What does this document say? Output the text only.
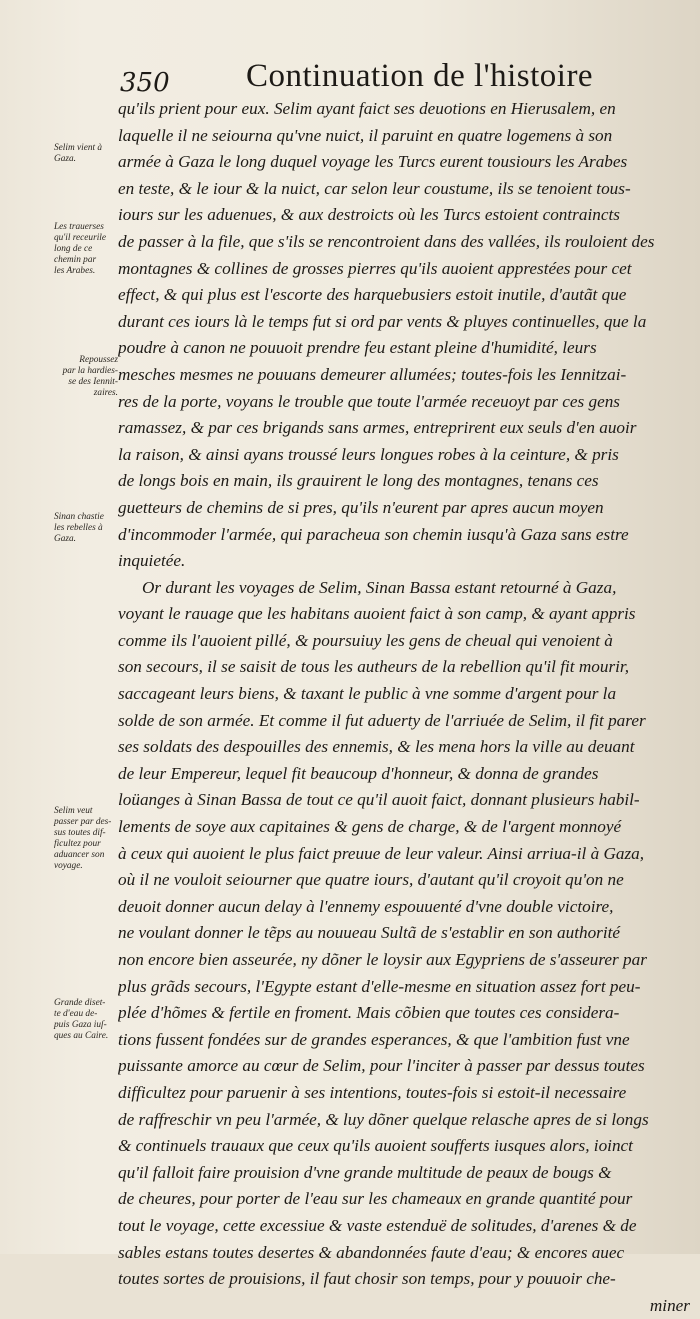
350 Continuation de l'histoire
Selim vient à
Gaza.
Les trauerses
qu'il receurile
long de ce
chemin par
les Arabes.
Repoussez
par la hardies-
se des Iennit-
zaires.
Sinan chastie
les rebelles à
Gaza.
Selim veut
passer par des-
sus toutes dif-
ficultez pour
aduancer son
voyage.
Grande diset-
te d'eau de-
puis Gaza iuſ-
ques au Caire.
qu'ils prient pour eux. Selim ayant faict ses deuotions en Hierusalem, en
laquelle il ne seiourna qu'vne nuict, il paruint en quatre logemens à son
armée à Gaza le long duquel voyage les Turcs eurent tousiours les Arabes
en teste, & le iour & la nuict, car selon leur coustume, ils se tenoient tous-
iours sur les aduenues, & aux destroicts où les Turcs estoient contraincts
de passer à la file, que s'ils se rencontroient dans des vallées, ils rouloient des
montagnes & collines de grosses pierres qu'ils auoient apprestées pour cet
effect, & qui plus est l'escorte des harquebusiers estoit inutile, d'autãt que
durant ces iours là le temps fut si ord par vents & pluyes continuelles, que la
poudre à canon ne pouuoit prendre feu estant pleine d'humidité, leurs
mesches mesmes ne pouuans demeurer allumées; toutes-fois les Iennitzai-
res de la porte, voyans le trouble que toute l'armée receuoyt par ces gens
ramassez, & par ces brigands sans armes, entreprirent eux seuls d'en auoir
la raison, & ainsi ayans troussé leurs longues robes à la ceinture, & pris
de longs bois en main, ils grauirent le long des montagnes, tenans ces
guetteurs de chemins de si pres, qu'ils n'eurent par apres aucun moyen
d'incommoder l'armée, qui paracheua son chemin iusqu'à Gaza sans estre
inquietée.
Or durant les voyages de Selim, Sinan Bassa estant retourné à Gaza,
voyant le rauage que les habitans auoient faict à son camp, & ayant appris
comme ils l'auoient pillé, & poursuiuy les gens de cheual qui venoient à
son secours, il se saisit de tous les autheurs de la rebellion qu'il fit mourir,
saccageant leurs biens, & taxant le public à vne somme d'argent pour la
solde de son armée. Et comme il fut aduerty de l'arriuée de Selim, il fit parer
ses soldats des despouilles des ennemis, & les mena hors la ville au deuant
de leur Empereur, lequel fit beaucoup d'honneur, & donna de grandes
loüanges à Sinan Bassa de tout ce qu'il auoit faict, donnant plusieurs habil-
lements de soye aux capitaines & gens de charge, & de l'argent monnoyé
à ceux qui auoient le plus faict preuue de leur valeur. Ainsi arriua-il à Gaza,
où il ne vouloit seiourner que quatre iours, d'autant qu'il croyoit qu'on ne
deuoit donner aucun delay à l'ennemy espouuenté d'vne double victoire,
ne voulant donner le tẽps au nouueau Sultã de s'establir en son authorité
non encore bien asseurée, ny dõner le loysir aux Egypriens de s'asseurer par
plus grãds secours, l'Egypte estant d'elle-mesme en situation assez fort peu-
plée d'hõmes & fertile en froment. Mais cõbien que toutes ces considera-
tions fussent fondées sur de grandes esperances, & que l'ambition fust vne
puissante amorce au cœur de Selim, pour l'inciter à passer par dessus toutes
difficultez pour paruenir à ses intentions, toutes-fois si estoit-il necessaire
de raffreschir vn peu l'armée, & luy dõner quelque relasche apres de si longs
& continuels trauaux que ceux qu'ils auoient soufferts iusques alors, ioinct
qu'il falloit faire prouision d'vne grande multitude de peaux de bougs &
de cheures, pour porter de l'eau sur les chameaux en grande quantité pour
tout le voyage, cette excessiue & vaste estenduë de solitudes, d'arenes & de
sables estans toutes desertes & abandonnées faute d'eau; & encores auec
toutes sortes de prouisions, il faut chosir son temps, pour y pouuoir che-
miner
